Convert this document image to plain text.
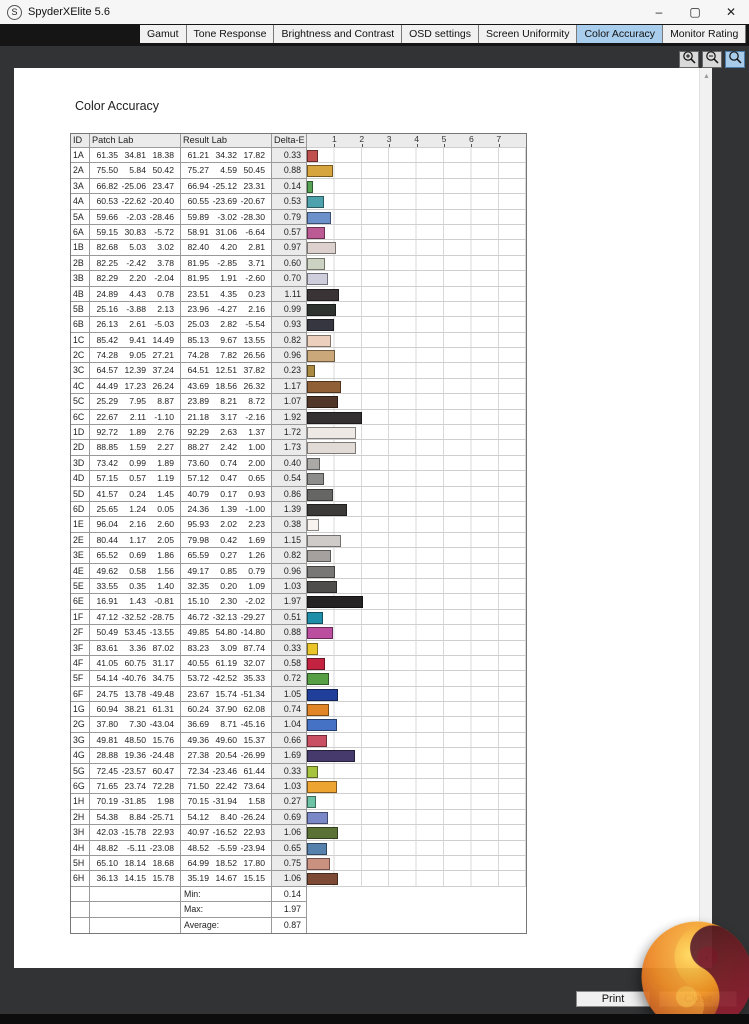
S SpyderXElite 5.6	–	▢	✕
Gamut	Tone Response	Brightness and Contrast	OSD settings	Screen Uniformity	Color Accuracy	Monitor Rating
Color Accuracy
ID	Patch Lab	Result Lab	Delta-E	1	2	3	4	5	6	7
1A	61.35 34.81 18.38	61.21 34.32 17.82	0.33
2A	75.50 5.84 50.42	75.27 4.59 50.45	0.88
3A	66.82 -25.06 23.47	66.94 -25.12 23.31	0.14
4A	60.53 -22.62 -20.40	60.55 -23.69 -20.67	0.53
5A	59.66 -2.03 -28.46	59.89 -3.02 -28.30	0.79
6A	59.15 30.83 -5.72	58.91 31.06 -6.64	0.57
1B	82.68 5.03 3.02	82.40 4.20 2.81	0.97
2B	82.25 -2.42 3.78	81.95 -2.85 3.71	0.60
3B	82.29 2.20 -2.04	81.95 1.91 -2.60	0.70
4B	24.89 4.43 0.78	23.51 4.35 0.23	1.11
5B	25.16 -3.88 2.13	23.96 -4.27 2.16	0.99
6B	26.13 2.61 -5.03	25.03 2.82 -5.54	0.93
1C	85.42 9.41 14.49	85.13 9.67 13.55	0.82
2C	74.28 9.05 27.21	74.28 7.82 26.56	0.96
3C	64.57 12.39 37.24	64.51 12.51 37.82	0.23
4C	44.49 17.23 26.24	43.69 18.56 26.32	1.17
5C	25.29 7.95 8.87	23.89 8.21 8.72	1.07
6C	22.67 2.11 -1.10	21.18 3.17 -2.16	1.92
1D	92.72 1.89 2.76	92.29 2.63 1.37	1.72
2D	88.85 1.59 2.27	88.27 2.42 1.00	1.73
3D	73.42 0.99 1.89	73.60 0.74 2.00	0.40
4D	57.15 0.57 1.19	57.12 0.47 0.65	0.54
5D	41.57 0.24 1.45	40.79 0.17 0.93	0.86
6D	25.65 1.24 0.05	24.36 1.39 -1.00	1.39
1E	96.04 2.16 2.60	95.93 2.02 2.23	0.38
2E	80.44 1.17 2.05	79.98 0.42 1.69	1.15
3E	65.52 0.69 1.86	65.59 0.27 1.26	0.82
4E	49.62 0.58 1.56	49.17 0.85 0.79	0.96
5E	33.55 0.35 1.40	32.35 0.20 1.09	1.03
6E	16.91 1.43 -0.81	15.10 2.30 -2.02	1.97
1F	47.12 -32.52 -28.75	46.72 -32.13 -29.27	0.51
2F	50.49 53.45 -13.55	49.85 54.80 -14.80	0.88
3F	83.61 3.36 87.02	83.23 3.09 87.74	0.33
4F	41.05 60.75 31.17	40.55 61.19 32.07	0.58
5F	54.14 -40.76 34.75	53.72 -42.52 35.33	0.72
6F	24.75 13.78 -49.48	23.67 15.74 -51.34	1.05
1G	60.94 38.21 61.31	60.24 37.90 62.08	0.74
2G	37.80 7.30 -43.04	36.69 8.71 -45.16	1.04
3G	49.81 48.50 15.76	49.36 49.60 15.37	0.66
4G	28.88 19.36 -24.48	27.38 20.54 -26.99	1.69
5G	72.45 -23.57 60.47	72.34 -23.46 61.44	0.33
6G	71.65 23.74 72.28	71.50 22.42 73.64	1.03
1H	70.19 -31.85 1.98	70.15 -31.94 1.58	0.27
2H	54.38 8.84 -25.71	54.12 8.40 -26.24	0.69
3H	42.03 -15.78 22.93	40.97 -16.52 22.93	1.06
4H	48.82 -5.11 -23.08	48.52 -5.59 -23.94	0.65
5H	65.10 18.14 18.68	64.99 18.52 17.80	0.75
6H	36.13 14.15 15.78	35.19 14.67 15.15	1.06
Min:	0.14
Max:	1.97
Average:	0.87
▲
Print
